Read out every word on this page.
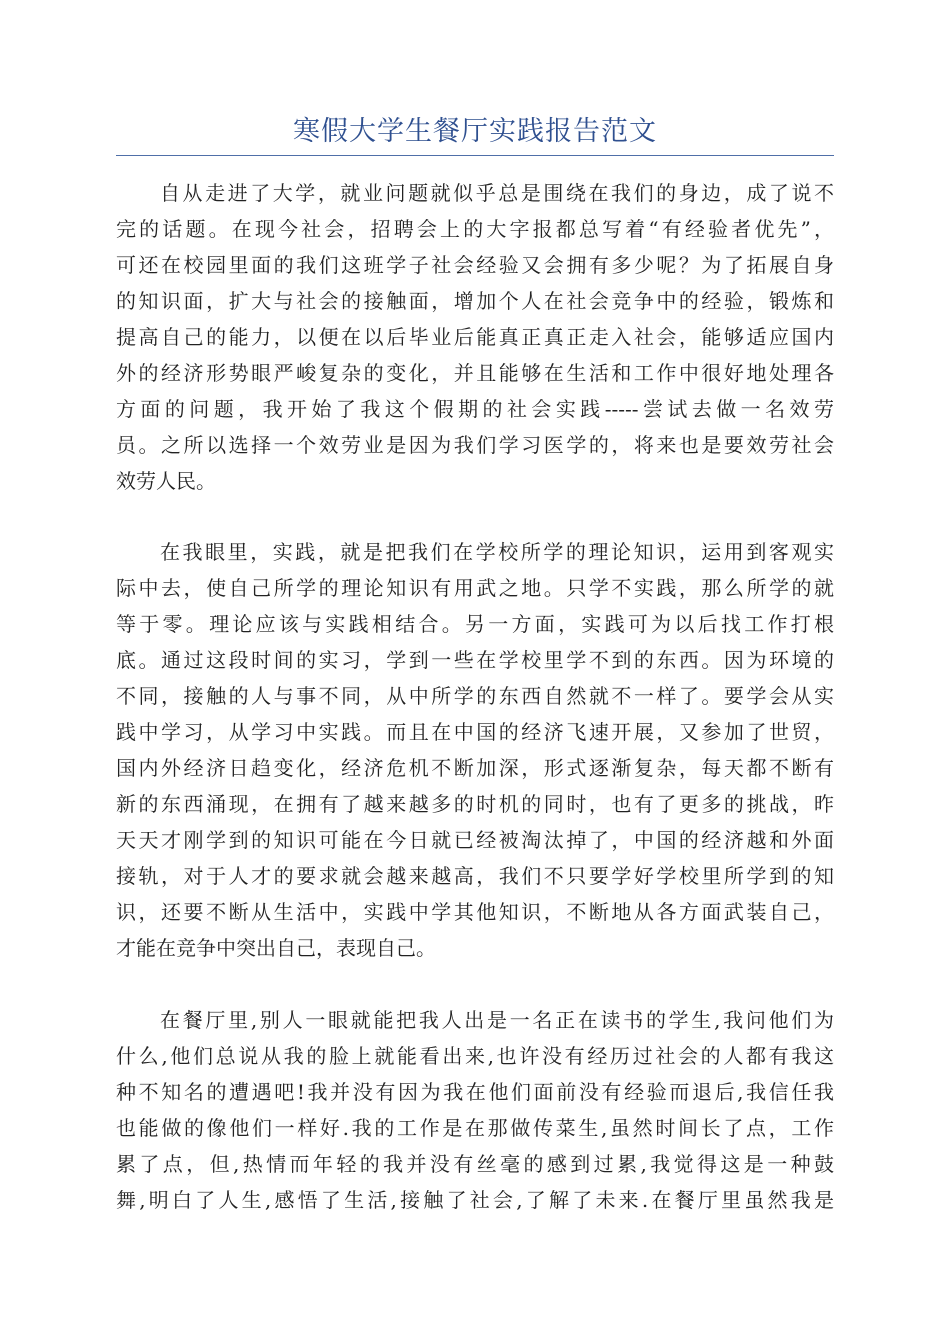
寒假大学生餐厅实践报告范文
自从走进了大学，就业问题就似乎总是围绕在我们的身边，成了说不
完的话题。在现今社会，招聘会上的大字报都总写着“有经验者优先”，
可还在校园里面的我们这班学子社会经验又会拥有多少呢？为了拓展自身
的知识面，扩大与社会的接触面，增加个人在社会竞争中的经验，锻炼和
提高自己的能力，以便在以后毕业后能真正真正走入社会，能够适应国内
外的经济形势眼严峻复杂的变化，并且能够在生活和工作中很好地处理各
方面的问题，我开始了我这个假期的社会实践-----尝试去做一名效劳
员。之所以选择一个效劳业是因为我们学习医学的，将来也是要效劳社会
效劳人民。
在我眼里，实践，就是把我们在学校所学的理论知识，运用到客观实
际中去，使自己所学的理论知识有用武之地。只学不实践，那么所学的就
等于零。理论应该与实践相结合。另一方面，实践可为以后找工作打根
底。通过这段时间的实习，学到一些在学校里学不到的东西。因为环境的
不同，接触的人与事不同，从中所学的东西自然就不一样了。要学会从实
践中学习，从学习中实践。而且在中国的经济飞速开展，又参加了世贸，
国内外经济日趋变化，经济危机不断加深，形式逐渐复杂，每天都不断有
新的东西涌现，在拥有了越来越多的时机的同时，也有了更多的挑战，昨
天天才刚学到的知识可能在今日就已经被淘汰掉了，中国的经济越和外面
接轨，对于人才的要求就会越来越高，我们不只要学好学校里所学到的知
识，还要不断从生活中，实践中学其他知识，不断地从各方面武装自己，
才能在竞争中突出自己，表现自己。
在餐厅里,别人一眼就能把我人出是一名正在读书的学生,我问他们为
什么,他们总说从我的脸上就能看出来,也许没有经历过社会的人都有我这
种不知名的遭遇吧!我并没有因为我在他们面前没有经验而退后,我信任我
也能做的像他们一样好.我的工作是在那做传菜生,虽然时间长了点，工作
累了点，但,热情而年轻的我并没有丝毫的感到过累,我觉得这是一种鼓
舞,明白了人生,感悟了生活,接触了社会,了解了未来.在餐厅里虽然我是
